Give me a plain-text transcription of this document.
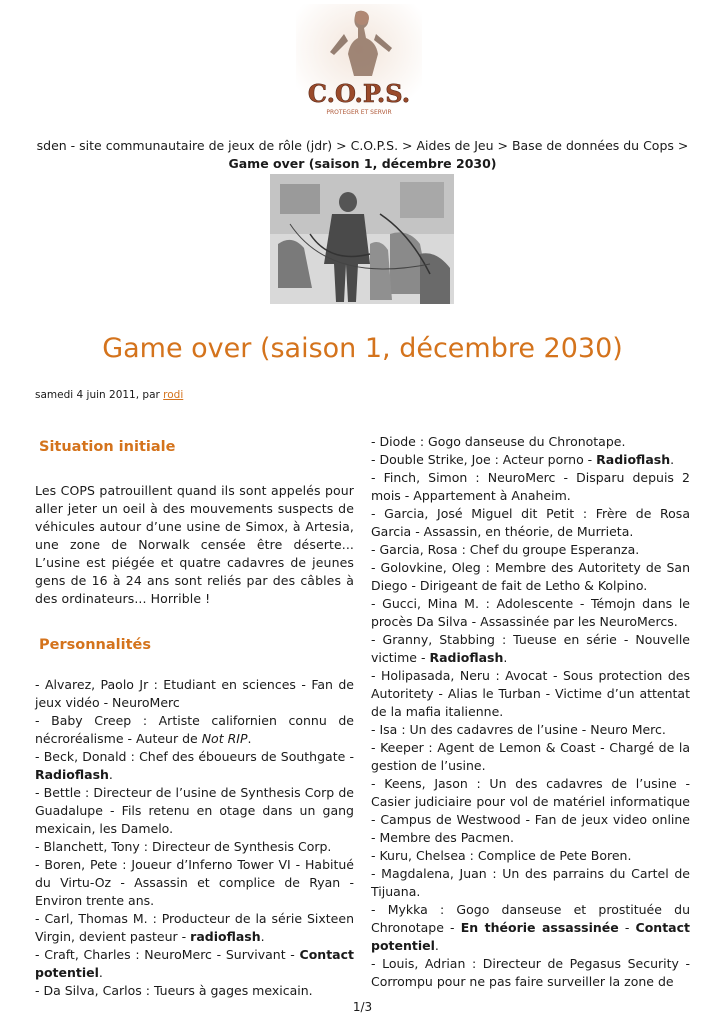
C.O.P.S.
PROTEGER ET SERVIR
sden - site communautaire de jeux de rôle (jdr) > C.O.P.S. > Aides de Jeu > Base de données du Cops >
Game over (saison 1, décembre 2030)
Game over (saison 1, décembre 2030)
samedi 4 juin 2011, par rodi
Situation initiale

Les COPS patrouillent quand ils sont appelés pour aller jeter un oeil à des mouvements suspects de véhicules autour d’une usine de Simox, à Artesia, une zone de Norwalk censée être déserte... L’usine est piégée et quatre cadavres de jeunes gens de 16 à 24 ans sont reliés par des câbles à des ordinateurs... Horrible !

Personnalités

- Alvarez, Paolo Jr : Etudiant en sciences - Fan de jeux vidéo - NeuroMerc

- Baby Creep : Artiste californien connu de nécroréalisme - Auteur de Not RIP.

- Beck, Donald : Chef des ébouеurs de Southgate - Radioflash.

- Bettle : Directeur de l’usine de Synthesis Corp de Guadalupe - Fils retenu en otage dans un gang mexicain, les Damelo.

- Blanchett, Tony : Directeur de Synthesis Corp.

- Boren, Pete : Joueur d’Inferno Tower VI - Habitué du Virtu-Oz - Assassin et complice de Ryan - Environ trente ans.

- Carl, Thomas M. : Producteur de la série Sixteen Virgin, devient pasteur - radioflash.

- Craft, Charles : NeuroMerc - Survivant - Contact potentiel.

- Da Silva, Carlos : Tueurs à gages mexicain.

- Diode : Gogo danseuse du Chronotape.

- Double Strike, Joe : Acteur porno - Radioflash.

- Finch, Simon : NeuroMerc - Disparu depuis 2 mois - Appartement à Anaheim.

- Garcia, José Miguel dit Petit : Frère de Rosa Garcia - Assassin, en théorie, de Murrieta.

- Garcia, Rosa : Chef du groupe Esperanza.

- Golovkine, Oleg : Membre des Autoritety de San Diego - Dirigeant de fait de Letho & Kolpino.

- Gucci, Mina M. : Adolescente - Témojn dans le procès Da Silva - Assassinée par les NeuroMercs.

- Granny, Stabbing : Tueuse en série - Nouvelle victime - Radioflash.

- Holipasada, Neru : Avocat - Sous protection des Autoritety - Alias le Turban - Victime d’un attentat de la mafia italienne.

- Isa : Un des cadavres de l’usine - Neuro Merc.

- Keeper : Agent de Lemon & Coast - Chargé de la gestion de l’usine.

- Keens, Jason : Un des cadavres de l’usine - Casier judiciaire pour vol de matériel informatique - Campus de Westwood - Fan de jeux video online - Membre des Pacmen.

- Kuru, Chelsea : Complice de Pete Boren.

- Magdalena, Juan : Un des parrains du Cartel de Tijuana.

- Mykka : Gogo danseuse et prostituée du Chronotape - En théorie assassinée - Contact potentiel.

- Louis, Adrian : Directeur de Pegasus Security - Corrompu pour ne pas faire surveiller la zone de

1/3
